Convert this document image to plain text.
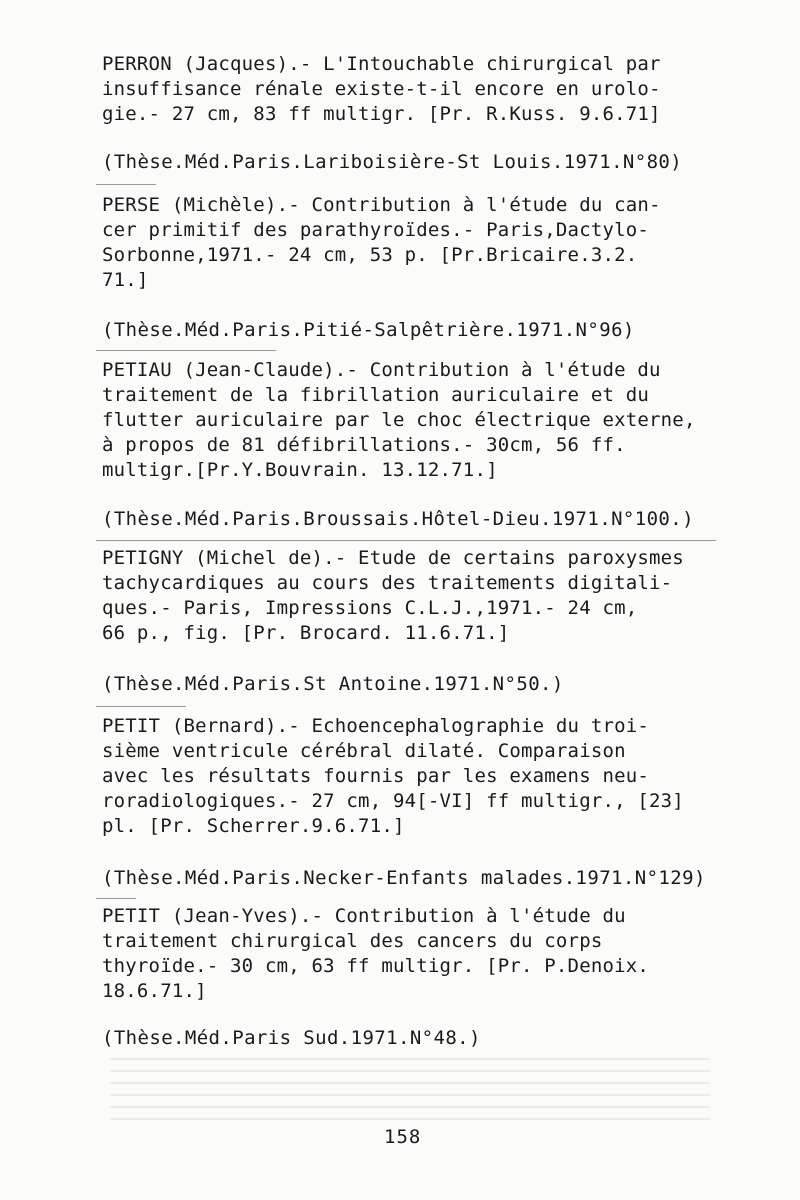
PERRON (Jacques).- L'Intouchable chirurgical par
insuffisance rénale existe-t-il encore en urolo-
gie.- 27 cm, 83 ff multigr. [Pr. R.Kuss. 9.6.71]
(Thèse.Méd.Paris.Lariboisière-St Louis.1971.N°80)
PERSE (Michèle).- Contribution à l'étude du can-
cer primitif des parathyroïdes.- Paris,Dactylo-
Sorbonne,1971.- 24 cm, 53 p. [Pr.Bricaire.3.2.
71.]
(Thèse.Méd.Paris.Pitié-Salpêtrière.1971.N°96)
PETIAU (Jean-Claude).- Contribution à l'étude du
traitement de la fibrillation auriculaire et du
flutter auriculaire par le choc électrique externe,
à propos de 81 défibrillations.- 30cm, 56 ff.
multigr.[Pr.Y.Bouvrain. 13.12.71.]
(Thèse.Méd.Paris.Broussais.Hôtel-Dieu.1971.N°100.)
PETIGNY (Michel de).- Etude de certains paroxysmes
tachycardiques au cours des traitements digitali-
ques.- Paris, Impressions C.L.J.,1971.- 24 cm,
66 p., fig. [Pr. Brocard. 11.6.71.]
(Thèse.Méd.Paris.St Antoine.1971.N°50.)
PETIT (Bernard).- Echoencephalographie du troi-
sième ventricule cérébral dilaté. Comparaison
avec les résultats fournis par les examens neu-
roradiologiques.- 27 cm, 94[-VI] ff multigr., [23]
pl. [Pr. Scherrer.9.6.71.]
(Thèse.Méd.Paris.Necker-Enfants malades.1971.N°129)
PETIT (Jean-Yves).- Contribution à l'étude du
traitement chirurgical des cancers du corps
thyroïde.- 30 cm, 63 ff multigr. [Pr. P.Denoix.
18.6.71.]
(Thèse.Méd.Paris Sud.1971.N°48.)
158
